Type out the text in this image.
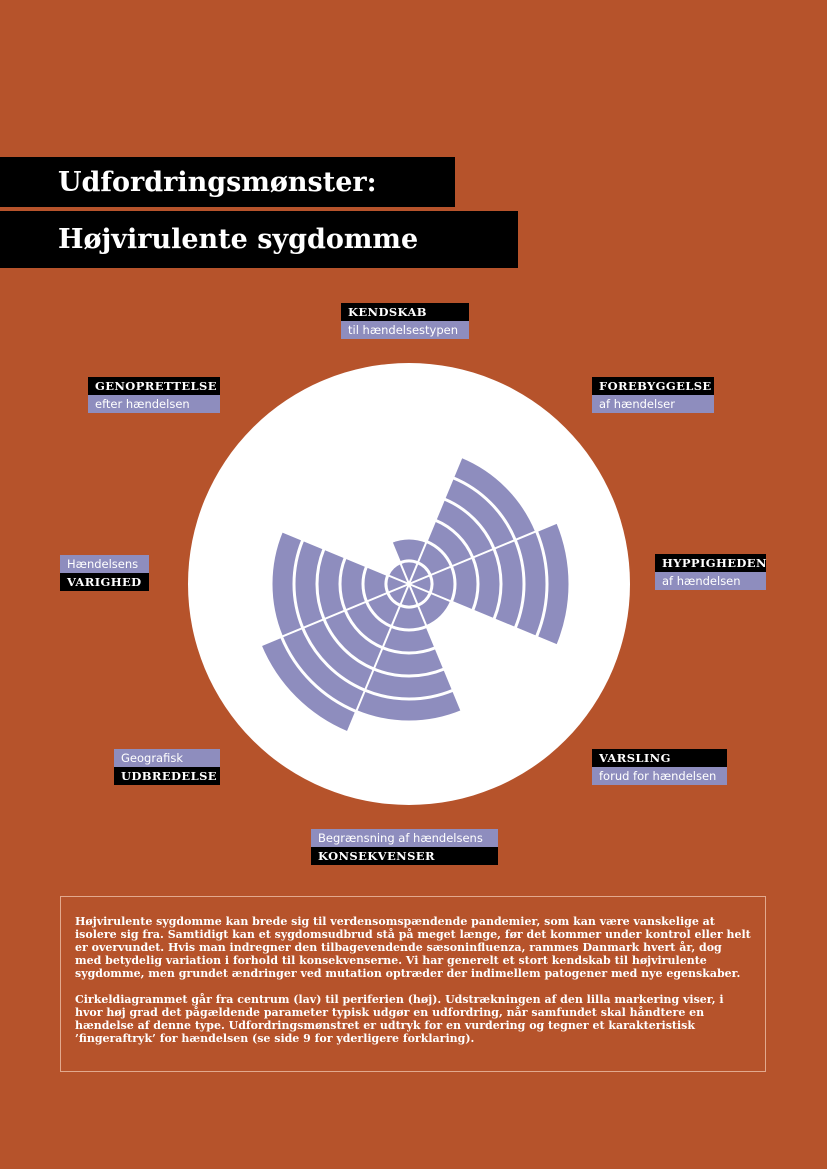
Udfordringsmønster:
Højvirulente sygdomme
KENDSKAB
til hændelsestypen
FOREBYGGELSE
af hændelser
HYPPIGHEDEN
af hændelsen
VARSLING
forud for hændelsen
Begrænsning af hændelsens
KONSEKVENSER
Geografisk
UDBREDELSE
Hændelsens
VARIGHED
GENOPRETTELSE
efter hændelsen

Højvirulente sygdomme kan brede sig til verdensomspændende pandemier, som kan være vanskelige at isolere sig fra. Samtidigt kan et sygdomsudbrud stå på meget længe, før det kommer under kontrol eller helt er overvundet. Hvis man indregner den tilbagevendende sæsoninfluenza, rammes Danmark hvert år, dog med betydelig variation i forhold til konsekvenserne. Vi har generelt et stort kendskab til højvirulente sygdomme, men grundet ændringer ved mutation optræder der indimellem patogener med nye egenskaber.

Cirkeldiagrammet går fra centrum (lav) til periferien (høj). Udstrækningen af den lilla markering viser, i hvor høj grad det pågældende parameter typisk udgør en udfordring, når samfundet skal håndtere en hændelse af denne type. Udfordringsmønstret er udtryk for en vurdering og tegner et karakteristisk ’fingeraftryk’ for hændelsen (se side 9 for yderligere forklaring).
